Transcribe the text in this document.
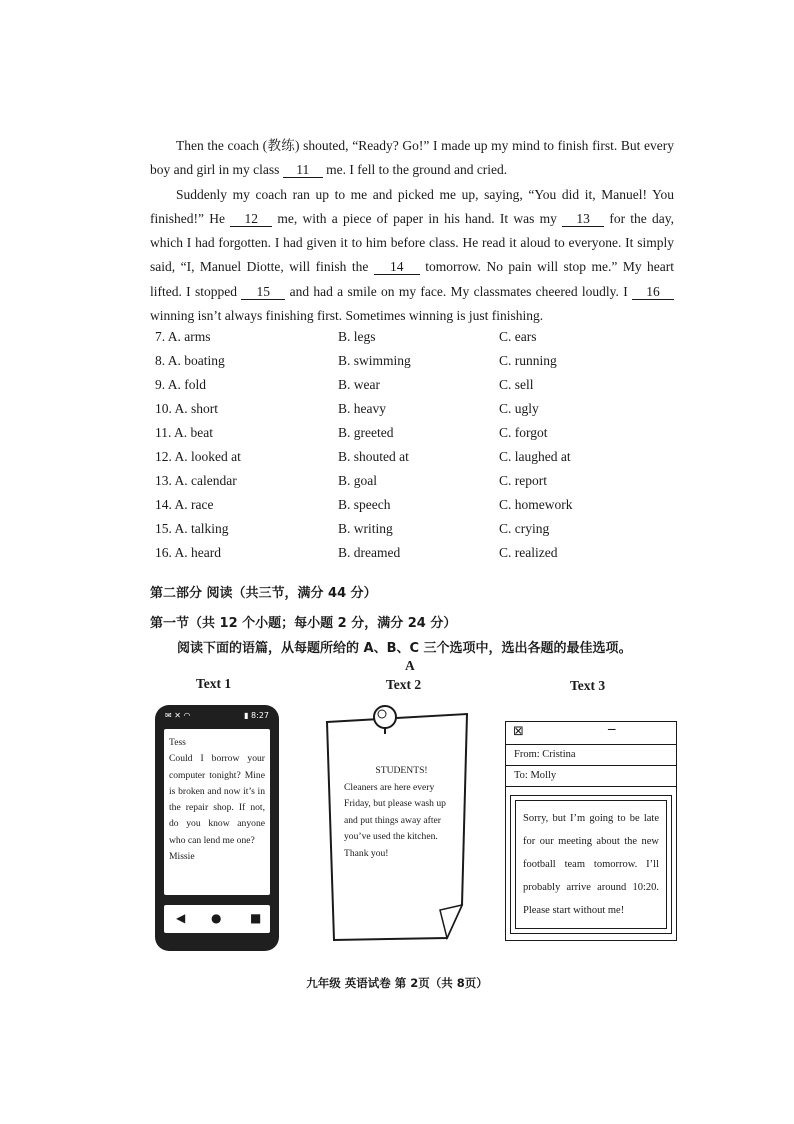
Then the coach (教练) shouted, “Ready? Go!” I made up my mind to finish first. But every boy and girl in my class 11 me. I fell to the ground and cried.

Suddenly my coach ran up to me and picked me up, saying, “You did it, Manuel! You finished!” He 12 me, with a piece of paper in his hand. It was my 13 for the day, which I had forgotten. I had given it to him before class. He read it aloud to everyone. It simply said, “I, Manuel Diotte, will finish the 14 tomorrow. No pain will stop me.” My heart lifted. I stopped 15 and had a smile on my face. My classmates cheered loudly. I 16 winning isn’t always finishing first. Sometimes winning is just finishing.

7. A. arms	B. legs	C. ears
8. A. boating	B. swimming	C. running
9. A. fold	B. wear	C. sell
10. A. short	B. heavy	C. ugly
11. A. beat	B. greeted	C. forgot
12. A. looked at	B. shouted at	C. laughed at
13. A. calendar	B. goal	C. report
14. A. race	B. speech	C. homework
15. A. talking	B. writing	C. crying
16. A. heard	B. dreamed	C. realized
第二部分 阅读（共三节，满分 44 分）
第一节（共 12 个小题；每小题 2 分，满分 24 分）
阅读下面的语篇，从每题所给的 A、B、C 三个选项中，选出各题的最佳选项。
A
Text 1	Text 2	Text 3
✉ ✕ ◠	▮ 8:27
Tess
Could I borrow your computer tonight? Mine is broken and now it’s in the repair shop. If not, do you know anyone who can lend me one?
Missie
◀ ● ■
STUDENTS!
Cleaners are here every Friday, but please wash up and put things away after you’ve used the kitchen.
Thank you!
⊠	–
From: Cristina
To: Molly
Sorry, but I’m going to be late for our meeting about the new football team tomorrow. I’ll probably arrive around 10:20. Please start without me!
九年级 英语试卷 第 2页（共 8页）
